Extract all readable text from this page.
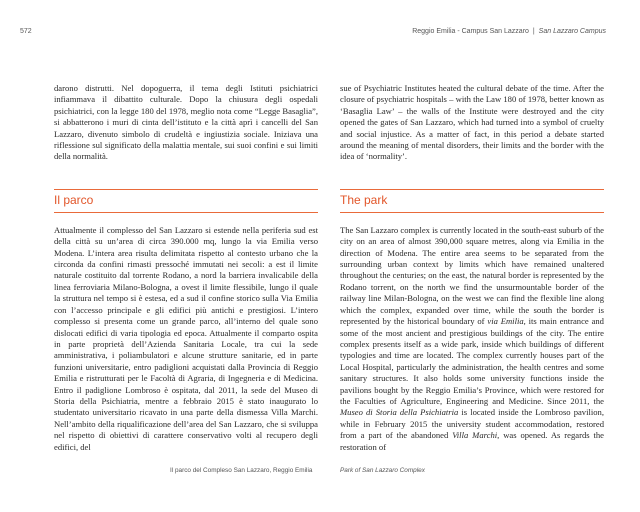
572	Reggio Emilia - Campus San Lazzaro | San Lazzaro Campus

darono distrutti. Nel dopoguerra, il tema degli Istituti psichiatrici infiammava il dibattito culturale. Dopo la chiusura degli ospedali psichiatrici, con la legge 180 del 1978, meglio nota come “Legge Basaglia”, si abbatterono i muri di cinta dell’istituto e la città aprì i cancelli del San Lazzaro, divenuto simbolo di crudeltà e ingiustizia sociale. Iniziava una riflessione sul significato della malattia mentale, sui suoi confini e sui limiti della normalità.

Il parco

Attualmente il complesso del San Lazzaro si estende nella periferia sud est della città su un’area di circa 390.000 mq, lungo la via Emilia verso Modena. L’intera area risulta delimitata rispetto al contesto urbano che la circonda da confini rimasti pressoché immutati nei secoli: a est il limite naturale costituito dal torrente Rodano, a nord la barriera invalicabile della linea ferroviaria Milano-Bologna, a ovest il limite flessibile, lungo il quale la struttura nel tempo si è estesa, ed a sud il confine storico sulla Via Emilia con l’accesso principale e gli edifici più antichi e prestigiosi. L’intero complesso si presenta come un grande parco, all’interno del quale sono dislocati edifici di varia tipologia ed epoca. Attualmente il comparto ospita in parte proprietà dell’Azienda Sanitaria Locale, tra cui la sede amministrativa, i poliambulatori e alcune strutture sanitarie, ed in parte funzioni universitarie, entro padiglioni acquistati dalla Provincia di Reggio Emilia e ristrutturati per le Facoltà di Agraria, di Ingegneria e di Medicina. Entro il padiglione Lombroso è ospitata, dal 2011, la sede del Museo di Storia della Psichiatria, mentre a febbraio 2015 è stato inaugurato lo studentato universitario ricavato in una parte della dismessa Villa Marchi. Nell’ambito della riqualificazione dell’area del San Lazzaro, che si sviluppa nel rispetto di obiettivi di carattere conservativo volti al recupero degli edifici, del

sue of Psychiatric Institutes heated the cultural debate of the time. After the closure of psychiatric hospitals – with the Law 180 of 1978, better known as ‘Basaglia Law’ – the walls of the Institute were destroyed and the city opened the gates of San Lazzaro, which had turned into a symbol of cruelty and social injustice. As a matter of fact, in this period a debate started around the meaning of mental disorders, their limits and the border with the idea of ‘normality’.

The park

The San Lazzaro complex is currently located in the south-east suburb of the city on an area of almost 390,000 square metres, along via Emilia in the direction of Modena. The entire area seems to be separated from the surrounding urban context by limits which have remained unaltered throughout the centuries; on the east, the natural border is represented by the Rodano torrent, on the north we find the unsurmountable border of the railway line Milan-Bologna, on the west we can find the flexible line along which the complex, expanded over time, while the south the border is represented by the historical boundary of via Emilia, its main entrance and some of the most ancient and prestigious buildings of the city. The entire complex presents itself as a wide park, inside which buildings of different typologies and time are located. The complex currently houses part of the Local Hospital, particularly the administration, the health centres and some sanitary structures. It also holds some university functions inside the pavilions bought by the Reggio Emilia’s Province, which were restored for the Faculties of Agriculture, Engineering and Medicine. Since 2011, the Museo di Storia della Psichiatria is located inside the Lombroso pavilion, while in February 2015 the university student accommodation, restored from a part of the abandoned Villa Marchi, was opened. As regards the restoration of

Il parco del Compleso San Lazzaro, Reggio Emilia	Park of San Lazzaro Complex
